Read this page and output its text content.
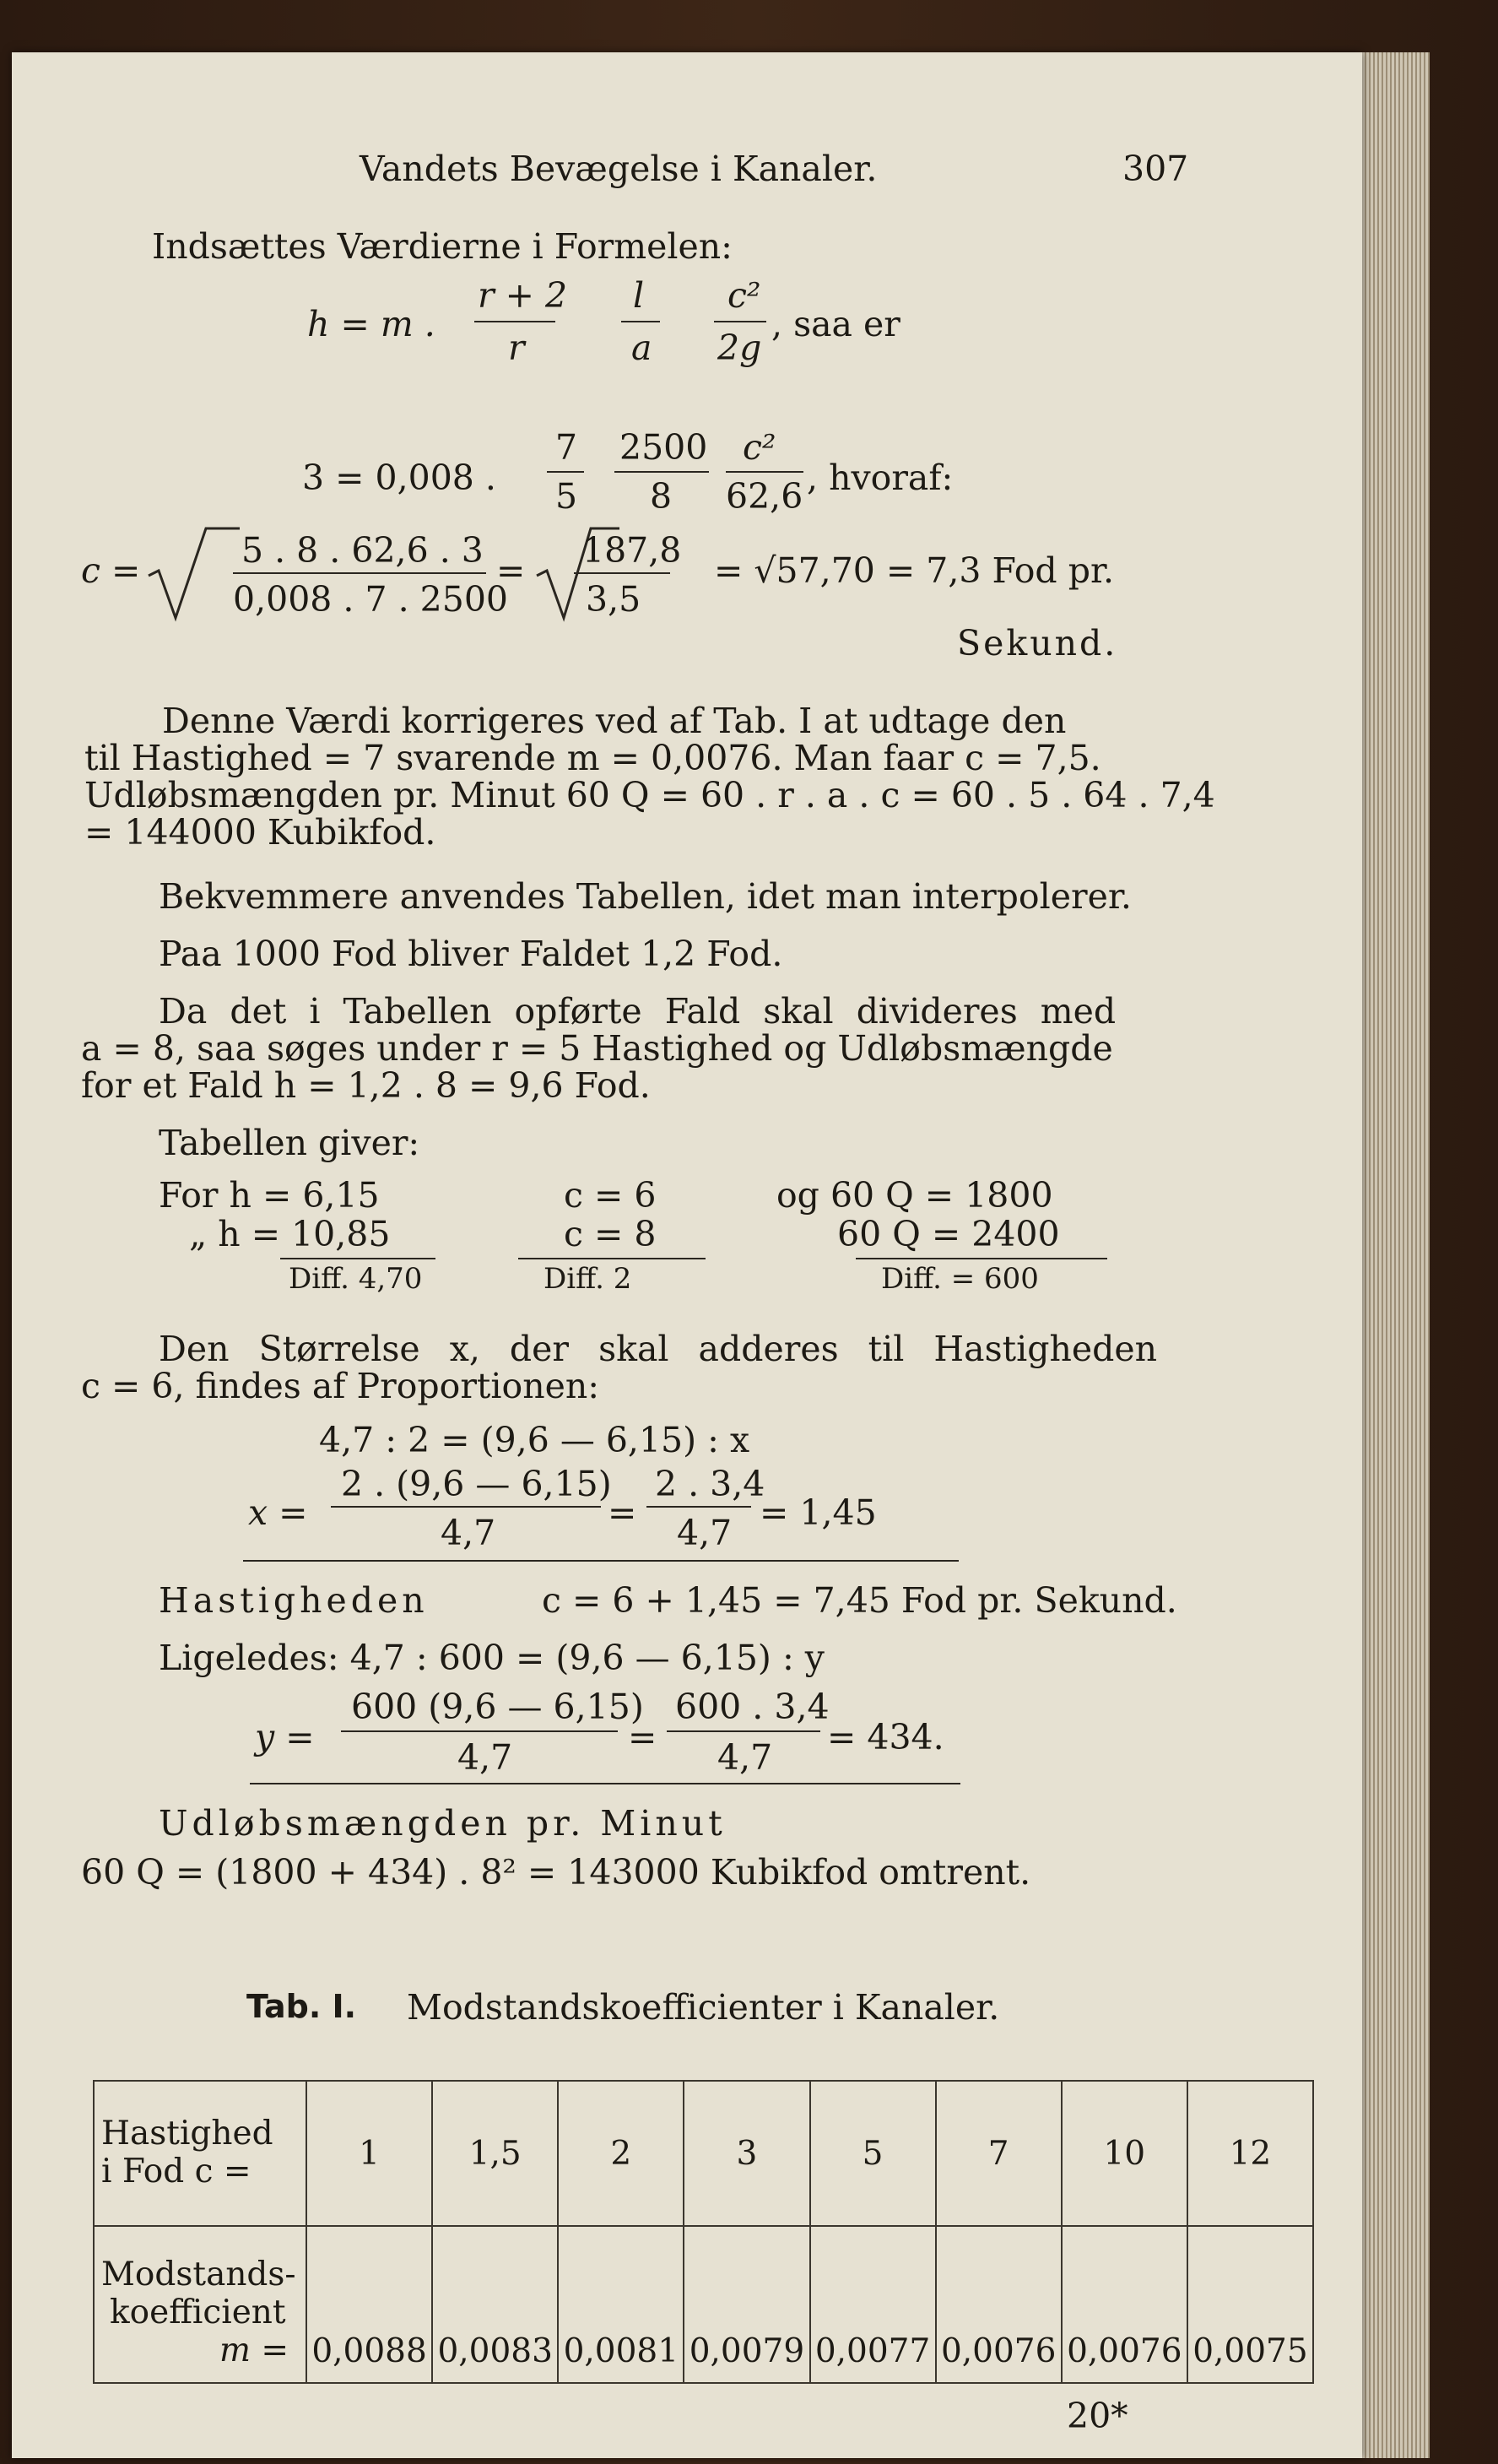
Vandets Bevægelse i Kanaler.	307
Indsættes Værdierne i Formelen:
h = m .
r + 2
r
l
a
c²
2g
, saa er
3 = 0,008 .
7
5
2500
8
c²
62,6 , hvoraf:
c =	5 . 8 . 62,6 . 3
0,008 . 7 . 2500
= 187,8
3,5
= √57,70 = 7,3 Fod pr.
Sekund.
Denne Værdi korrigeres ved af Tab. I at udtage den
til Hastighed = 7 svarende m = 0,0076. Man faar c = 7,5.
Udløbsmængden pr. Minut 60 Q = 60 . r . a . c = 60 . 5 . 64 . 7,4
= 144000 Kubikfod.
Bekvemmere anvendes Tabellen, idet man interpolerer.
Paa 1000 Fod bliver Faldet 1,2 Fod.
Da det i Tabellen opførte Fald skal divideres med
a = 8, saa søges under r = 5 Hastighed og Udløbsmængde
for et Fald h = 1,2 . 8 = 9,6 Fod.
Tabellen giver:
For h = 6,15	c = 6	og 60 Q = 1800
„ h = 10,85	c = 8	60 Q = 2400
Diff. 4,70	Diff. 2	Diff. = 600
Den Størrelse x, der skal adderes til Hastigheden
c = 6, findes af Proportionen:
4,7 : 2 = (9,6 — 6,15) : x
x =
2 . (9,6 — 6,15)
4,7	=
2 . 3,4
4,7 = 1,45
Hastigheden	c = 6 + 1,45 = 7,45 Fod pr. Sekund.
Ligeledes: 4,7 : 600 = (9,6 — 6,15) : y
y =
600 (9,6 — 6,15)
4,7	=
600 . 3,4
4,7 = 434.
Udløbsmængden pr. Minut
60 Q = (1800 + 434) . 8² = 143000 Kubikfod omtrent.
Tab. I. Modstandskoefficienter i Kanaler.
Hastighed
i Fod c =	1	1,5	2	3	5	7	10	12

Modstands-
koefficient
m =	0,0088	0,0083	0,0081	0,0079	0,0077	0,0076	0,0076	0,0075
20*
